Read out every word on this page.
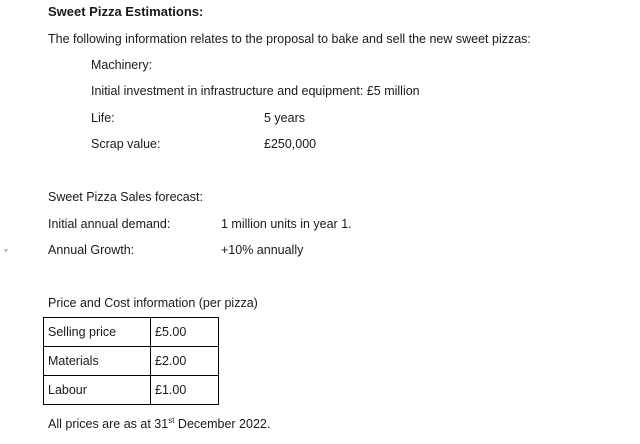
Sweet Pizza Estimations:
The following information relates to the proposal to bake and sell the new sweet pizzas:
Machinery:
Initial investment in infrastructure and equipment: £5 million
Life:	5 years
Scrap value:	£250,000
Sweet Pizza Sales forecast:
Initial annual demand:	1 million units in year 1.
▾	Annual Growth:	+10% annually
Price and Cost information (per pizza)
Selling price	£5.00
Materials	£2.00
Labour	£1.00
All prices are as at 31st December 2022.
